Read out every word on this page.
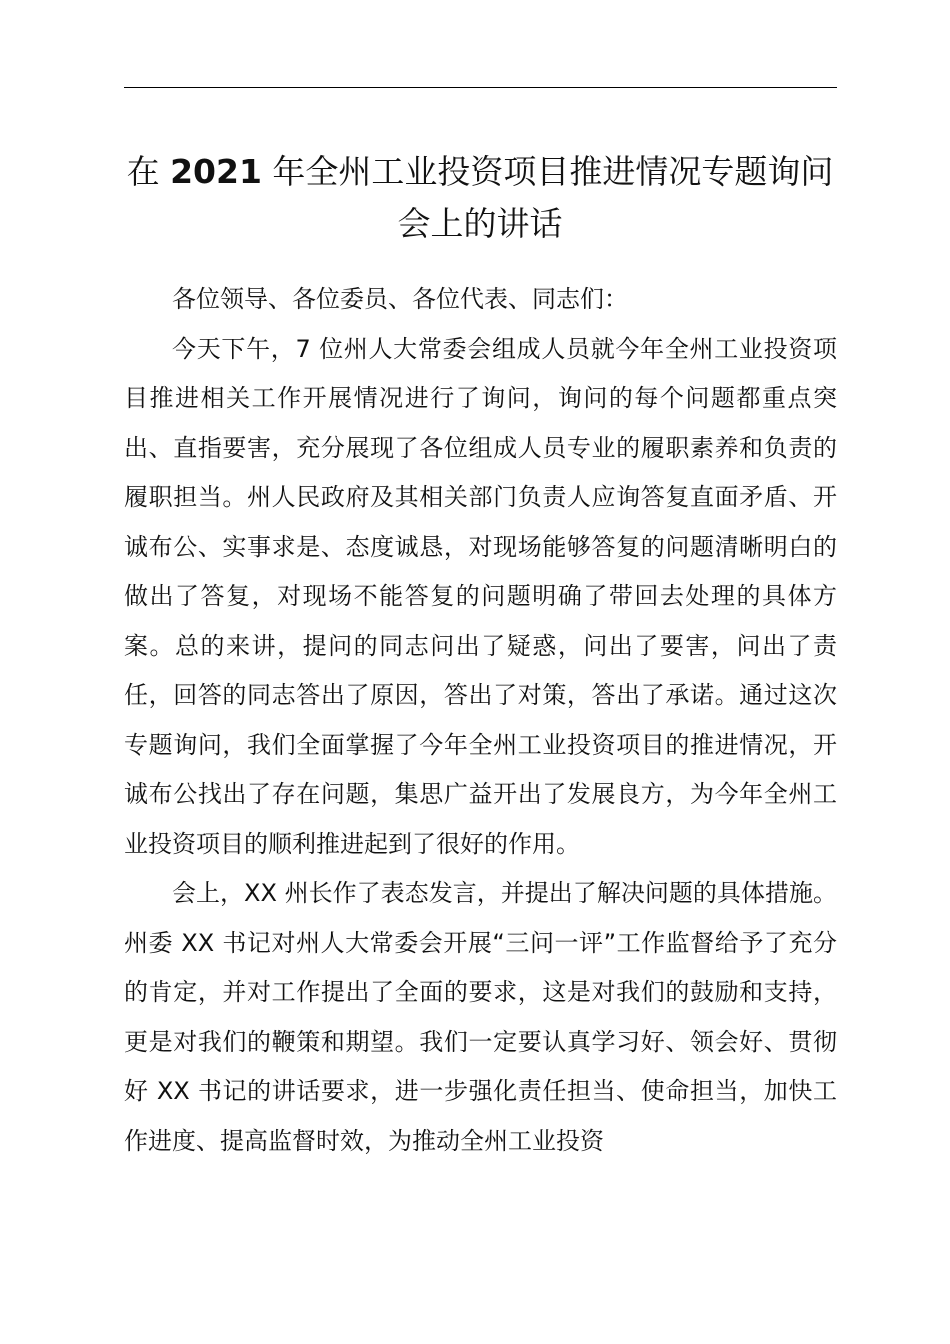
在 2021 年全州工业投资项目推进情况专题询问会上的讲话

各位领导、各位委员、各位代表、同志们：

今天下午，7 位州人大常委会组成人员就今年全州工业投资项目推进相关工作开展情况进行了询问，询问的每个问题都重点突出、直指要害，充分展现了各位组成人员专业的履职素养和负责的履职担当。州人民政府及其相关部门负责人应询答复直面矛盾、开诚布公、实事求是、态度诚恳，对现场能够答复的问题清晰明白的做出了答复，对现场不能答复的问题明确了带回去处理的具体方案。总的来讲，提问的同志问出了疑惑，问出了要害，问出了责任，回答的同志答出了原因，答出了对策，答出了承诺。通过这次专题询问，我们全面掌握了今年全州工业投资项目的推进情况，开诚布公找出了存在问题，集思广益开出了发展良方，为今年全州工业投资项目的顺利推进起到了很好的作用。

会上，XX 州长作了表态发言，并提出了解决问题的具体措施。州委 XX 书记对州人大常委会开展“三问一评”工作监督给予了充分的肯定，并对工作提出了全面的要求，这是对我们的鼓励和支持，更是对我们的鞭策和期望。我们一定要认真学习好、领会好、贯彻好 XX 书记的讲话要求，进一步强化责任担当、使命担当，加快工作进度、提高监督时效，为推动全州工业投资
